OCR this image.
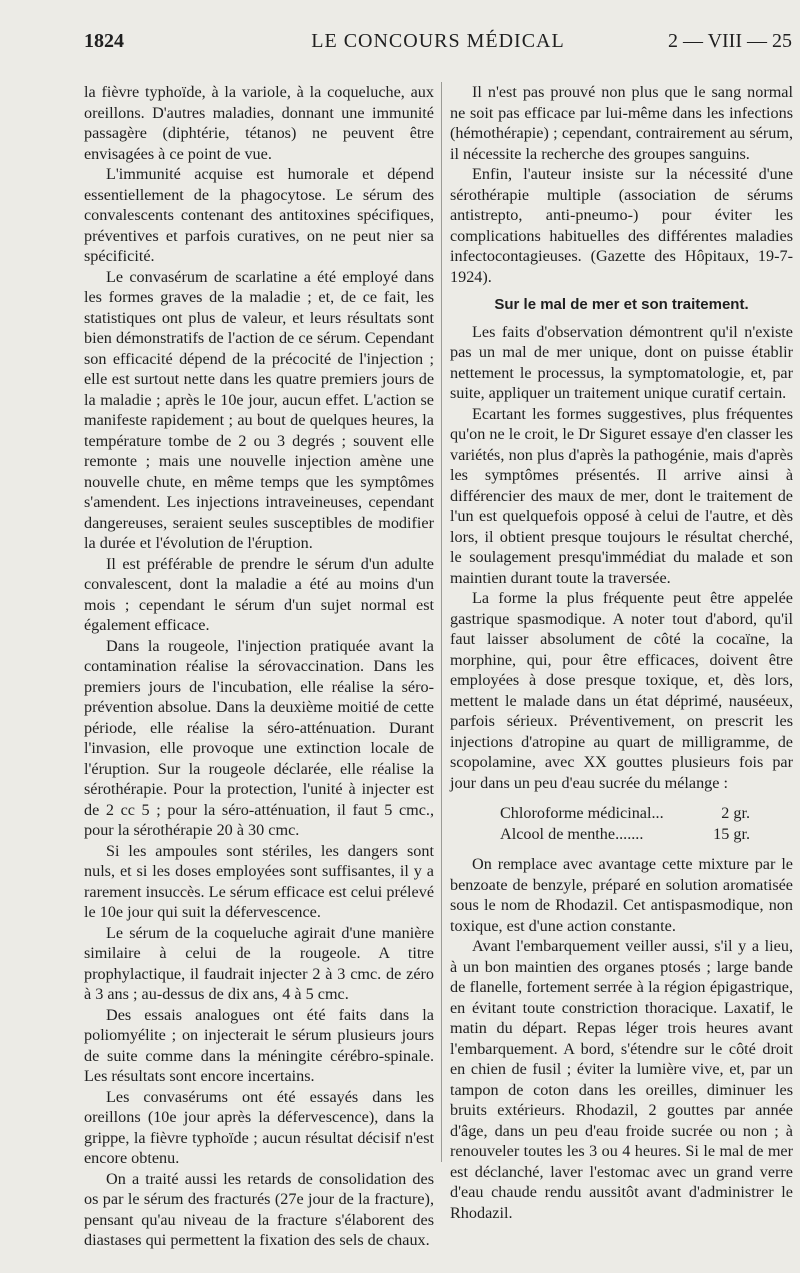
1824	LE CONCOURS MÉDICAL	2 — VIII — 25

la fièvre typhoïde, à la variole, à la coqueluche, aux oreillons. D'autres maladies, donnant une immunité passagère (diphtérie, tétanos) ne peuvent être envisagées à ce point de vue.

L'immunité acquise est humorale et dépend essentiellement de la phagocytose. Le sérum des convalescents contenant des antitoxines spécifiques, préventives et parfois curatives, on ne peut nier sa spécificité.

Le convasérum de scarlatine a été employé dans les formes graves de la maladie ; et, de ce fait, les statistiques ont plus de valeur, et leurs résultats sont bien démonstratifs de l'action de ce sérum. Cependant son efficacité dépend de la précocité de l'injection ; elle est surtout nette dans les quatre premiers jours de la maladie ; après le 10e jour, aucun effet. L'action se manifeste rapidement ; au bout de quelques heures, la température tombe de 2 ou 3 degrés ; souvent elle remonte ; mais une nouvelle injection amène une nouvelle chute, en même temps que les symptômes s'amendent. Les injections intraveineuses, cependant dangereuses, seraient seules susceptibles de modifier la durée et l'évolution de l'éruption.

Il est préférable de prendre le sérum d'un adulte convalescent, dont la maladie a été au moins d'un mois ; cependant le sérum d'un sujet normal est également efficace.

Dans la rougeole, l'injection pratiquée avant la contamination réalise la sérovaccination. Dans les premiers jours de l'incubation, elle réalise la séro-prévention absolue. Dans la deuxième moitié de cette période, elle réalise la séro-atténuation. Durant l'invasion, elle provoque une extinction locale de l'éruption. Sur la rougeole déclarée, elle réalise la sérothérapie. Pour la protection, l'unité à injecter est de 2 cc 5 ; pour la séro-atténuation, il faut 5 cmc., pour la sérothérapie 20 à 30 cmc.

Si les ampoules sont stériles, les dangers sont nuls, et si les doses employées sont suffisantes, il y a rarement insuccès. Le sérum efficace est celui prélevé le 10e jour qui suit la défervescence.

Le sérum de la coqueluche agirait d'une manière similaire à celui de la rougeole. A titre prophylactique, il faudrait injecter 2 à 3 cmc. de zéro à 3 ans ; au-dessus de dix ans, 4 à 5 cmc.

Des essais analogues ont été faits dans la poliomyélite ; on injecterait le sérum plusieurs jours de suite comme dans la méningite cérébro-spinale. Les résultats sont encore incertains.

Les convasérums ont été essayés dans les oreillons (10e jour après la défervescence), dans la grippe, la fièvre typhoïde ; aucun résultat décisif n'est encore obtenu.

On a traité aussi les retards de consolidation des os par le sérum des fracturés (27e jour de la fracture), pensant qu'au niveau de la fracture s'élaborent des diastases qui permettent la fixation des sels de chaux.

Il n'est pas prouvé non plus que le sang normal ne soit pas efficace par lui-même dans les infections (hémothérapie) ; cependant, contrairement au sérum, il nécessite la recherche des groupes sanguins.

Enfin, l'auteur insiste sur la nécessité d'une sérothérapie multiple (association de sérums antistrepto, anti-pneumo-) pour éviter les complications habituelles des différentes maladies infectocontagieuses. (Gazette des Hôpitaux, 19-7-1924).

Sur le mal de mer et son traitement.

Les faits d'observation démontrent qu'il n'existe pas un mal de mer unique, dont on puisse établir nettement le processus, la symptomatologie, et, par suite, appliquer un traitement unique curatif certain.

Ecartant les formes suggestives, plus fréquentes qu'on ne le croit, le Dr Siguret essaye d'en classer les variétés, non plus d'après la pathogénie, mais d'après les symptômes présentés. Il arrive ainsi à différencier des maux de mer, dont le traitement de l'un est quelquefois opposé à celui de l'autre, et dès lors, il obtient presque toujours le résultat cherché, le soulagement presqu'immédiat du malade et son maintien durant toute la traversée.

La forme la plus fréquente peut être appelée gastrique spasmodique. A noter tout d'abord, qu'il faut laisser absolument de côté la cocaïne, la morphine, qui, pour être efficaces, doivent être employées à dose presque toxique, et, dès lors, mettent le malade dans un état déprimé, nauséeux, parfois sérieux. Préventivement, on prescrit les injections d'atropine au quart de milligramme, de scopolamine, avec XX gouttes plusieurs fois par jour dans un peu d'eau sucrée du mélange :

Chloroforme médicinal...	2 gr.
Alcool de menthe.......	15 gr.

On remplace avec avantage cette mixture par le benzoate de benzyle, préparé en solution aromatisée sous le nom de Rhodazil. Cet antispasmodique, non toxique, est d'une action constante.

Avant l'embarquement veiller aussi, s'il y a lieu, à un bon maintien des organes ptosés ; large bande de flanelle, fortement serrée à la région épigastrique, en évitant toute constriction thoracique. Laxatif, le matin du départ. Repas léger trois heures avant l'embarquement. A bord, s'étendre sur le côté droit en chien de fusil ; éviter la lumière vive, et, par un tampon de coton dans les oreilles, diminuer les bruits extérieurs. Rhodazil, 2 gouttes par année d'âge, dans un peu d'eau froide sucrée ou non ; à renouveler toutes les 3 ou 4 heures. Si le mal de mer est déclanché, laver l'estomac avec un grand verre d'eau chaude rendu aussitôt avant d'administrer le Rhodazil.
